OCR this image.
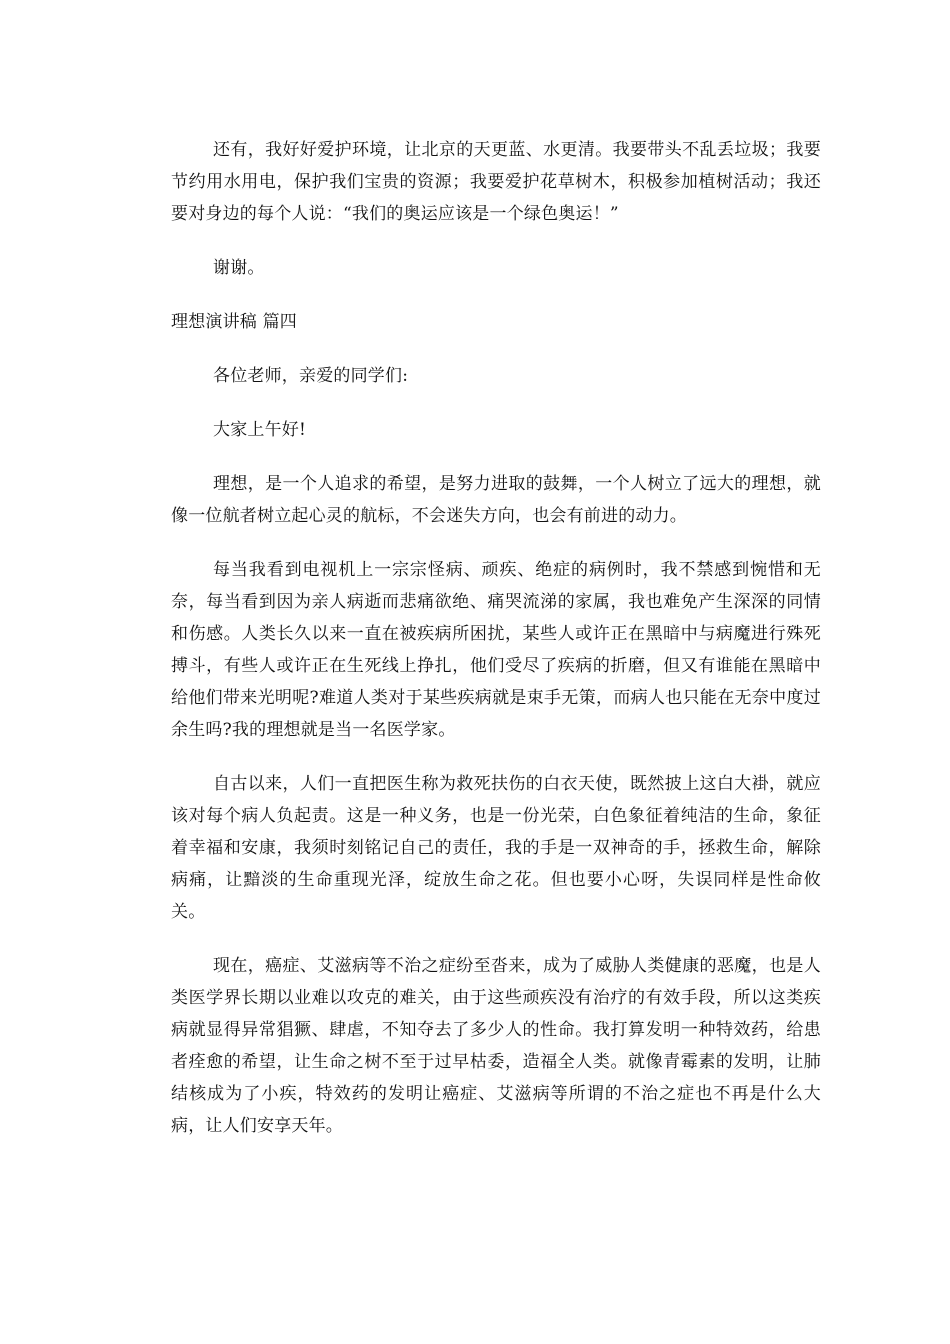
还有，我好好爱护环境，让北京的天更蓝、水更清。我要带头不乱丢垃圾；我要节约用水用电，保护我们宝贵的资源；我要爱护花草树木，积极参加植树活动；我还要对身边的每个人说：“我们的奥运应该是一个绿色奥运！”

谢谢。

理想演讲稿 篇四

各位老师，亲爱的同学们:

大家上午好!

理想，是一个人追求的希望，是努力进取的鼓舞，一个人树立了远大的理想，就像一位航者树立起心灵的航标，不会迷失方向，也会有前进的动力。

每当我看到电视机上一宗宗怪病、顽疾、绝症的病例时，我不禁感到惋惜和无奈，每当看到因为亲人病逝而悲痛欲绝、痛哭流涕的家属，我也难免产生深深的同情和伤感。人类长久以来一直在被疾病所困扰，某些人或许正在黑暗中与病魔进行殊死搏斗，有些人或许正在生死线上挣扎，他们受尽了疾病的折磨，但又有谁能在黑暗中给他们带来光明呢?难道人类对于某些疾病就是束手无策，而病人也只能在无奈中度过余生吗?我的理想就是当一名医学家。

自古以来，人们一直把医生称为救死扶伤的白衣天使，既然披上这白大褂，就应该对每个病人负起责。这是一种义务，也是一份光荣，白色象征着纯洁的生命，象征着幸福和安康，我须时刻铭记自己的责任，我的手是一双神奇的手，拯救生命，解除病痛，让黯淡的生命重现光泽，绽放生命之花。但也要小心呀，失误同样是性命攸关。

现在，癌症、艾滋病等不治之症纷至沓来，成为了威胁人类健康的恶魔，也是人类医学界长期以业难以攻克的难关，由于这些顽疾没有治疗的有效手段，所以这类疾病就显得异常猖獗、肆虐，不知夺去了多少人的性命。我打算发明一种特效药，给患者痊愈的希望，让生命之树不至于过早枯委，造福全人类。就像青霉素的发明，让肺结核成为了小疾，特效药的发明让癌症、艾滋病等所谓的不治之症也不再是什么大病，让人们安享天年。
